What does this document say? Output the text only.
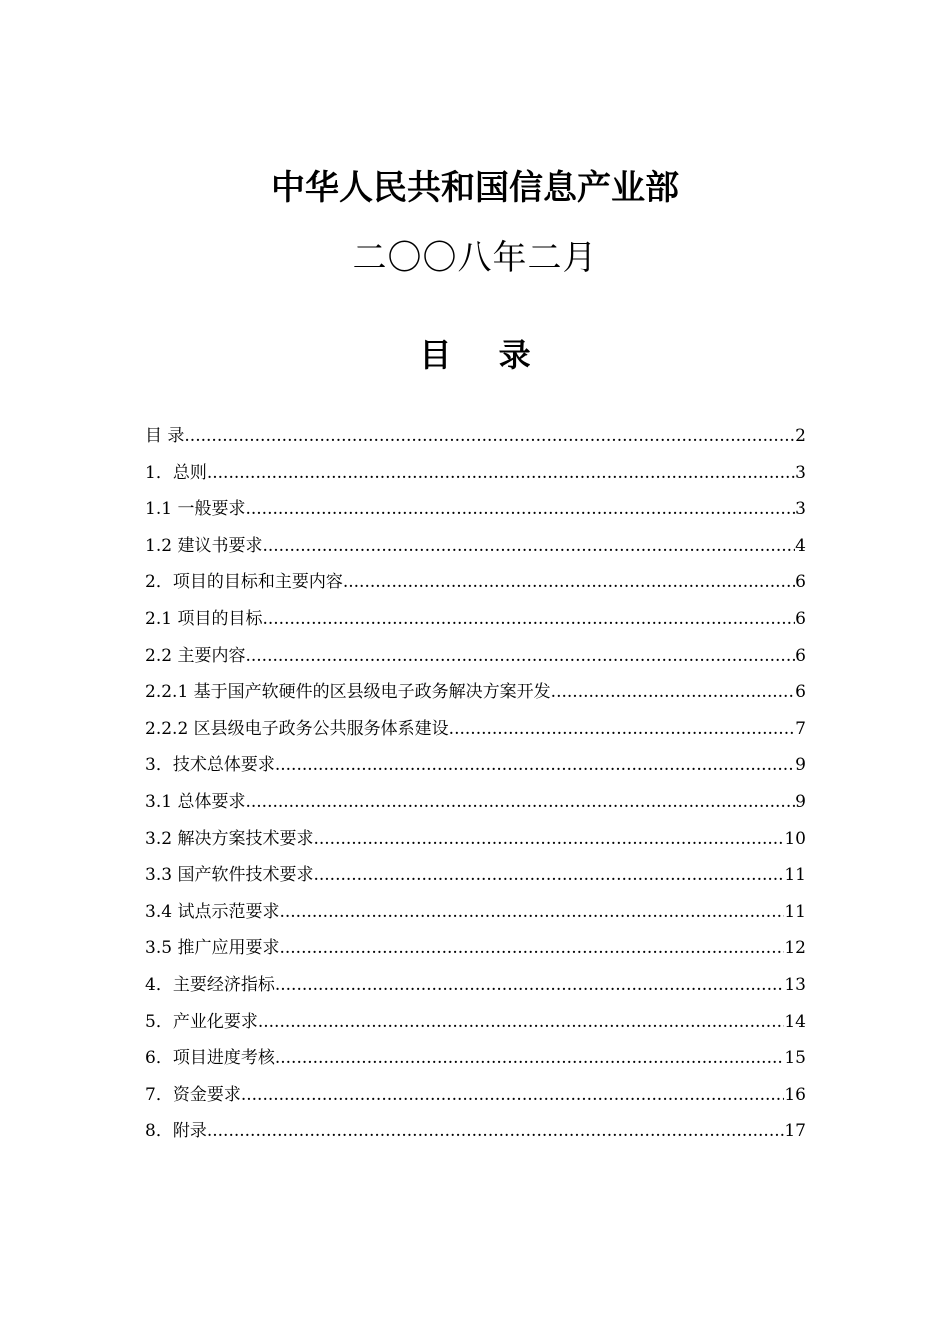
中华人民共和国信息产业部
二〇〇八年二月
目 录
目 录 .....	2
1．总则 .....	3
1.1 一般要求 .....	3
1.2 建议书要求 .....	4
2．项目的目标和主要内容 .....	6
2.1 项目的目标 .....	6
2.2 主要内容 .....	6
2.2.1 基于国产软硬件的区县级电子政务解决方案开发 .....	6
2.2.2 区县级电子政务公共服务体系建设 .....	7
3．技术总体要求 .....	9
3.1 总体要求 .....	9
3.2 解决方案技术要求 .....	10
3.3 国产软件技术要求 .....	11
3.4 试点示范要求 .....	11
3.5 推广应用要求 .....	12
4．主要经济指标 .....	13
5．产业化要求 .....	14
6．项目进度考核 .....	15
7．资金要求 .....	16
8．附录 .....	17
